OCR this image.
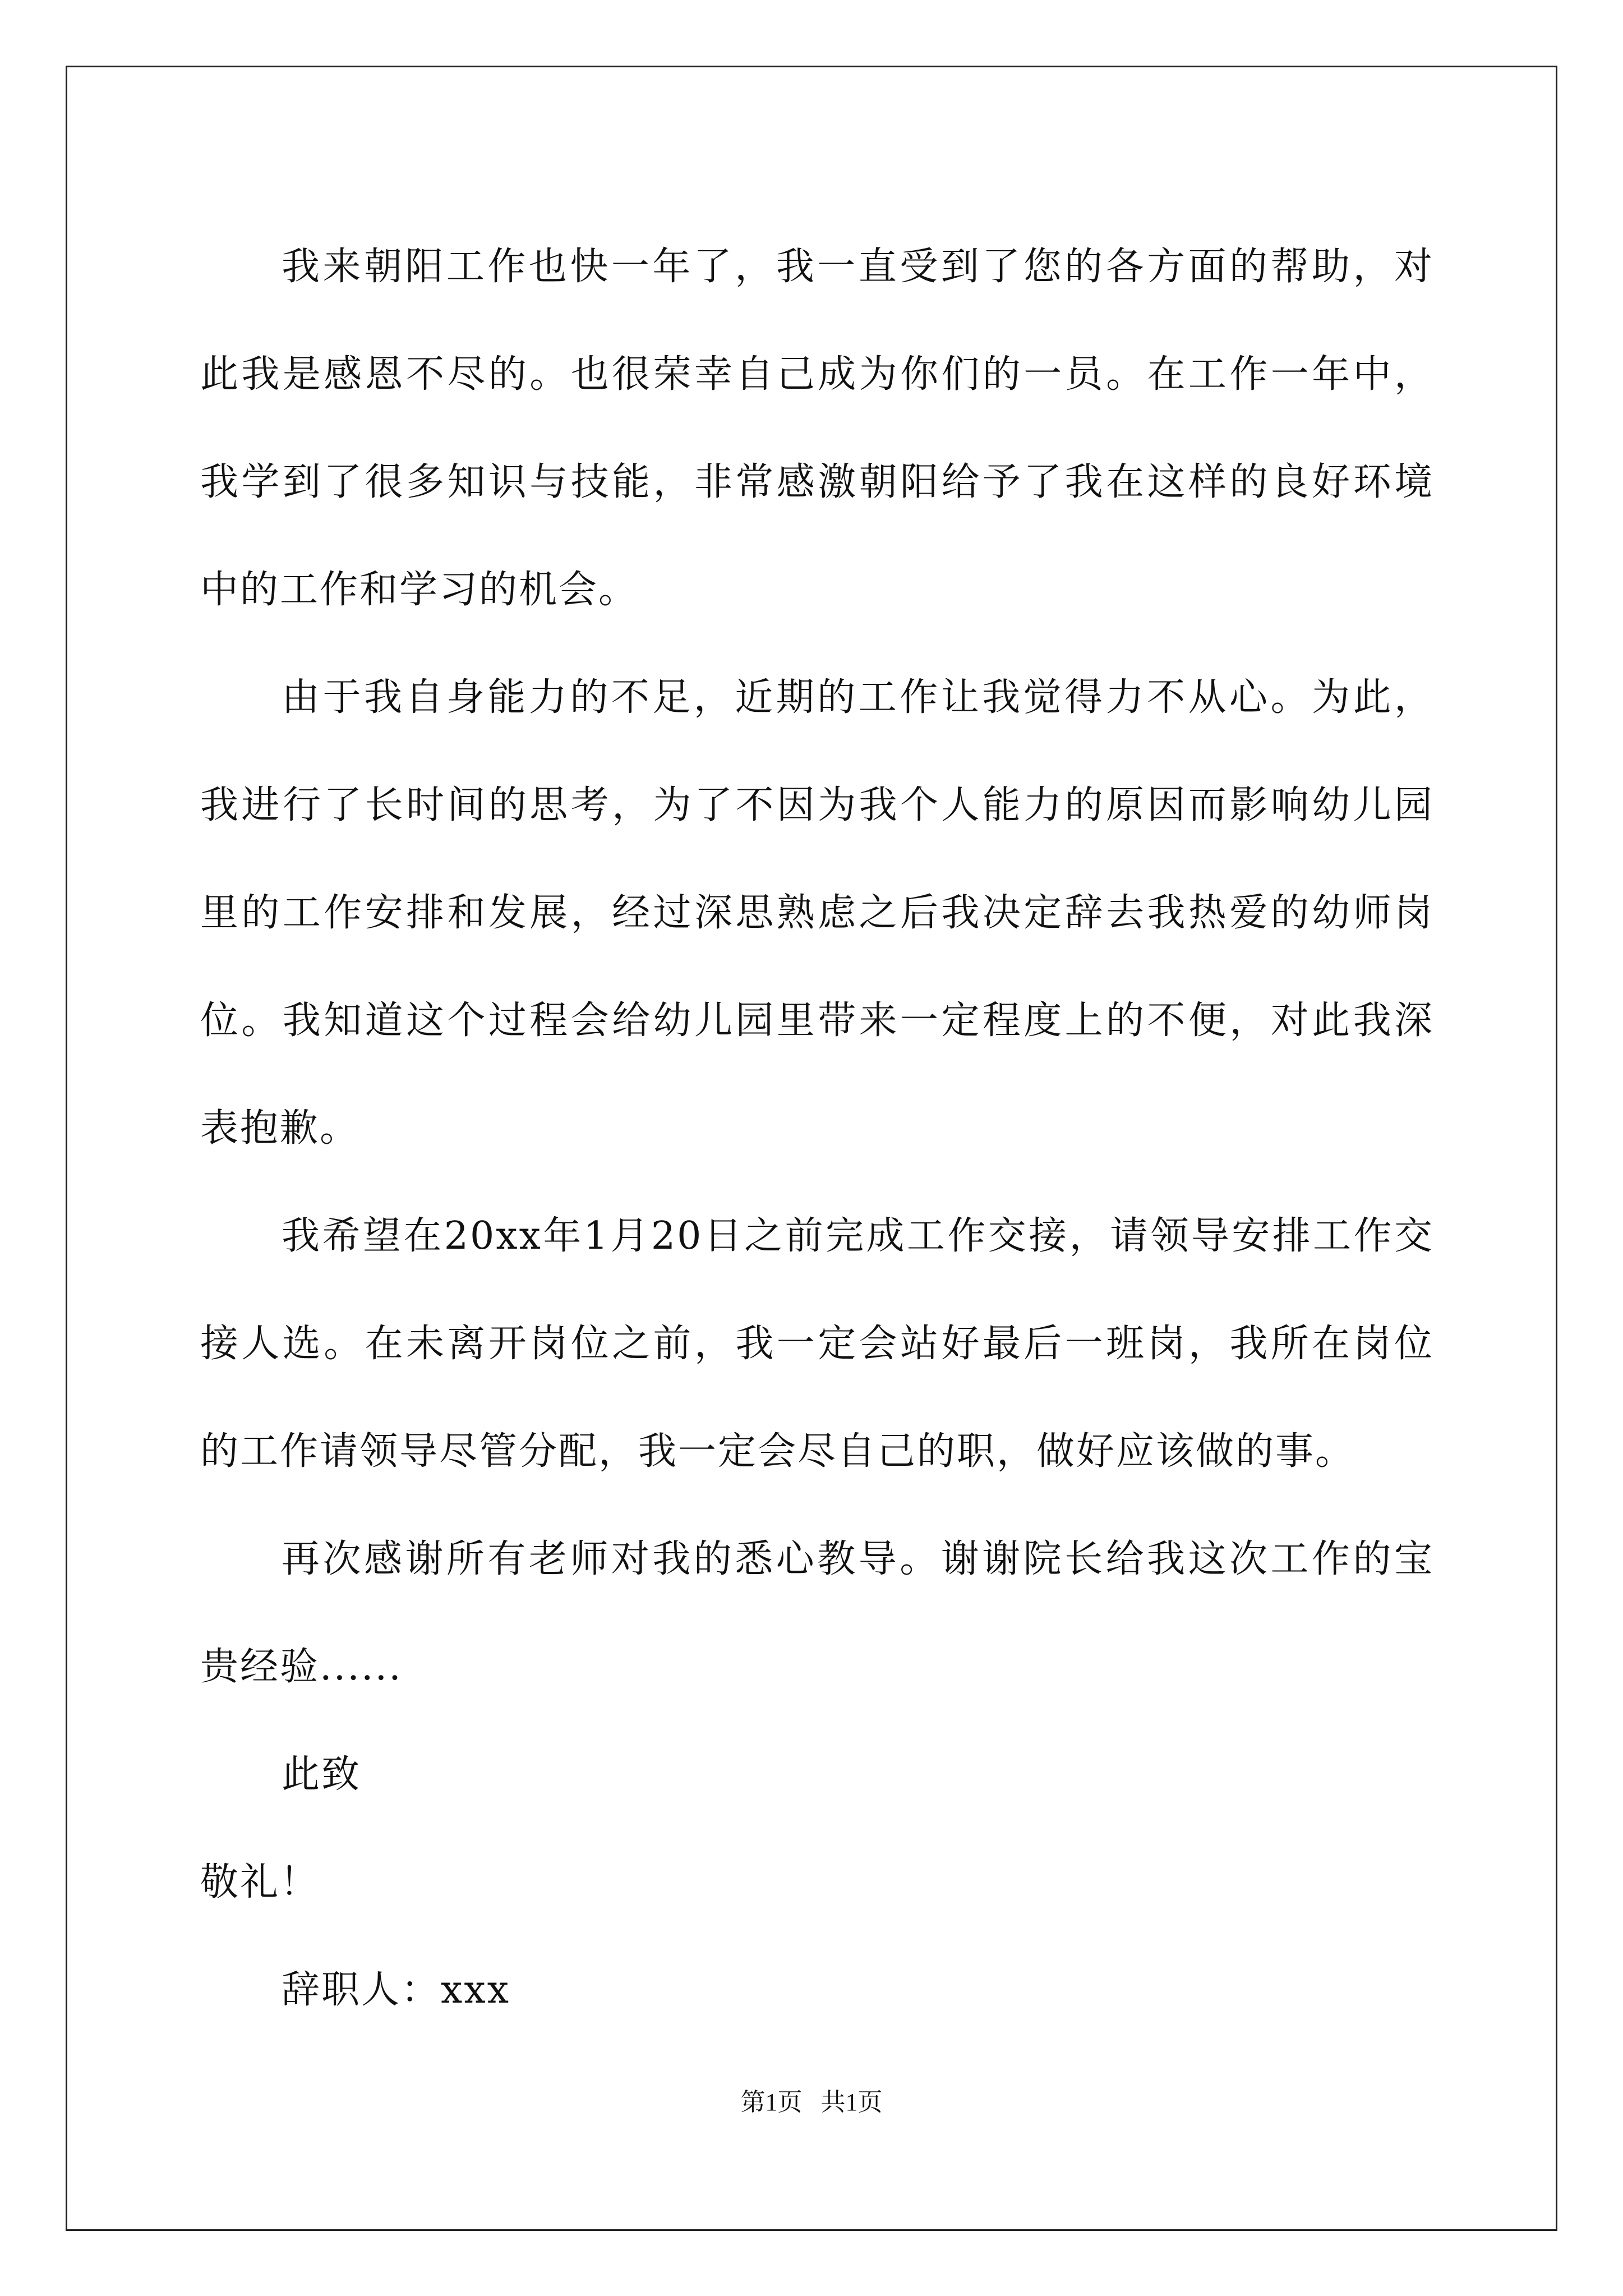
我来朝阳工作也快一年了，我一直受到了您的各方面的帮助，对此我是感恩不尽的。也很荣幸自己成为你们的一员。在工作一年中，我学到了很多知识与技能，非常感激朝阳给予了我在这样的良好环境中的工作和学习的机会。

由于我自身能力的不足，近期的工作让我觉得力不从心。为此，我进行了长时间的思考，为了不因为我个人能力的原因而影响幼儿园里的工作安排和发展，经过深思熟虑之后我决定辞去我热爱的幼师岗位。我知道这个过程会给幼儿园里带来一定程度上的不便，对此我深表抱歉。

我希望在20xx年1月20日之前完成工作交接，请领导安排工作交接人选。在未离开岗位之前，我一定会站好最后一班岗，我所在岗位的工作请领导尽管分配，我一定会尽自己的职，做好应该做的事。

再次感谢所有老师对我的悉心教导。谢谢院长给我这次工作的宝贵经验......

此致

敬礼！

辞职人：xxx

第1页   共1页
